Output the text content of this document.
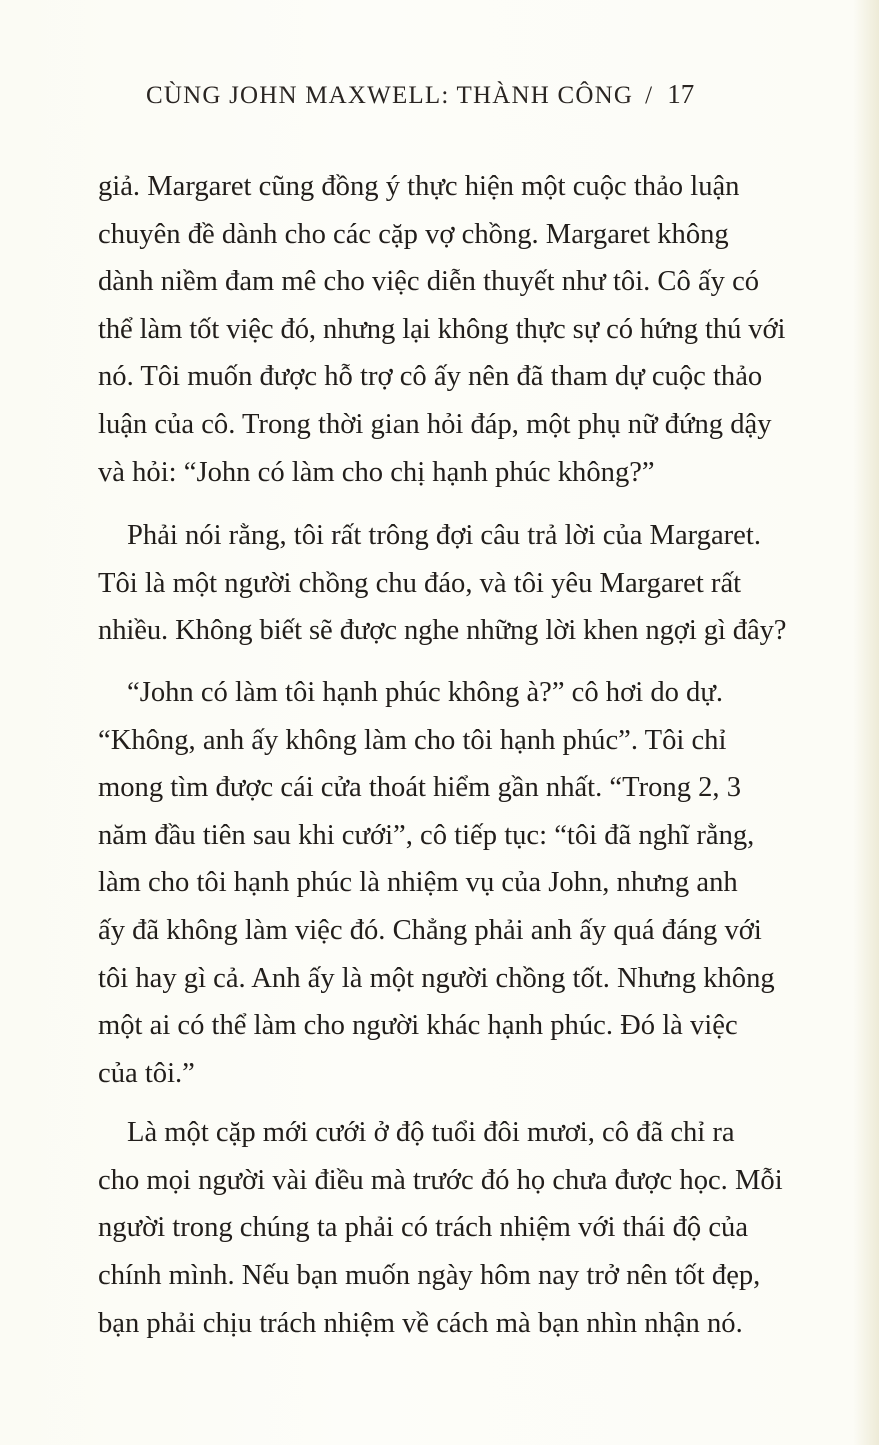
CÙNG JOHN MAXWELL: THÀNH CÔNG / 17
giả. Margaret cũng đồng ý thực hiện một cuộc thảo luận
chuyên đề dành cho các cặp vợ chồng. Margaret không
dành niềm đam mê cho việc diễn thuyết như tôi. Cô ấy có
thể làm tốt việc đó, nhưng lại không thực sự có hứng thú với
nó. Tôi muốn được hỗ trợ cô ấy nên đã tham dự cuộc thảo
luận của cô. Trong thời gian hỏi đáp, một phụ nữ đứng dậy
và hỏi: “John có làm cho chị hạnh phúc không?”
Phải nói rằng, tôi rất trông đợi câu trả lời của Margaret.
Tôi là một người chồng chu đáo, và tôi yêu Margaret rất
nhiều. Không biết sẽ được nghe những lời khen ngợi gì đây?
“John có làm tôi hạnh phúc không à?” cô hơi do dự.
“Không, anh ấy không làm cho tôi hạnh phúc”. Tôi chỉ
mong tìm được cái cửa thoát hiểm gần nhất. “Trong 2, 3
năm đầu tiên sau khi cưới”, cô tiếp tục: “tôi đã nghĩ rằng,
làm cho tôi hạnh phúc là nhiệm vụ của John, nhưng anh
ấy đã không làm việc đó. Chẳng phải anh ấy quá đáng với
tôi hay gì cả. Anh ấy là một người chồng tốt. Nhưng không
một ai có thể làm cho người khác hạnh phúc. Đó là việc
của tôi.”
Là một cặp mới cưới ở độ tuổi đôi mươi, cô đã chỉ ra
cho mọi người vài điều mà trước đó họ chưa được học. Mỗi
người trong chúng ta phải có trách nhiệm với thái độ của
chính mình. Nếu bạn muốn ngày hôm nay trở nên tốt đẹp,
bạn phải chịu trách nhiệm về cách mà bạn nhìn nhận nó.
